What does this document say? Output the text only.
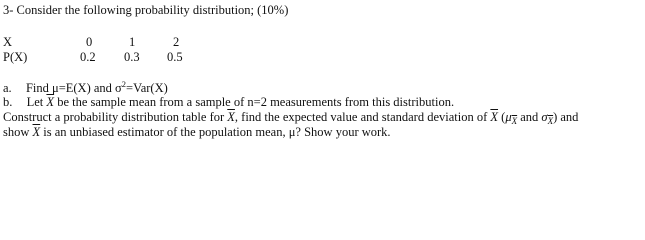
3- Consider the following probability distribution; (10%)
X
P(X)
0	1	2
0.2 0.3 0.5
a. Find μ=E(X) and $\sigma^2=Var(X)$
b. Let $\overline{X}$ be the sample mean from a sample of n=2 measurements from this distribution.
Construct a probability distribution table for $\overline{X}$, find the expected value and standard deviation of $\overline{X}$ ($\mu_{\overline{X}}$ and $\sigma_{\overline{X}}$) and
show $\overline{X}$ is an unbiased estimator of the population mean, μ? Show your work.
